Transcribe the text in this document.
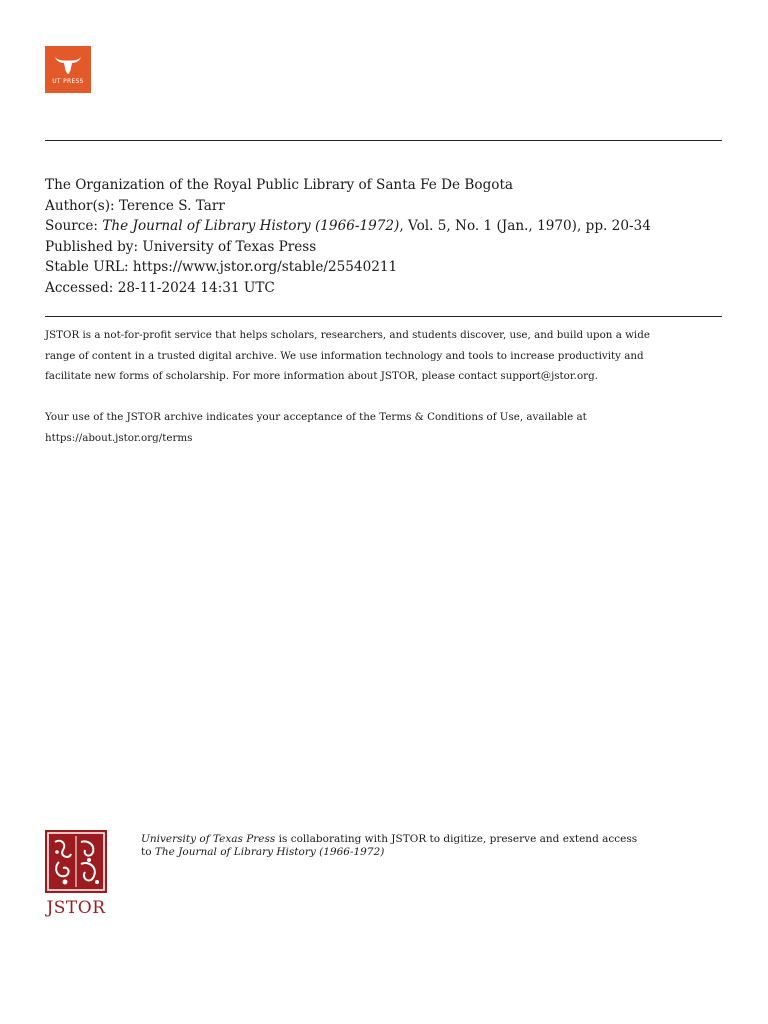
UT PRESS
The Organization of the Royal Public Library of Santa Fe De Bogota
Author(s): Terence S. Tarr
Source: The Journal of Library History (1966-1972), Vol. 5, No. 1 (Jan., 1970), pp. 20-34
Published by: University of Texas Press
Stable URL: https://www.jstor.org/stable/25540211
Accessed: 28-11-2024 14:31 UTC

JSTOR is a not-for-profit service that helps scholars, researchers, and students discover, use, and build upon a wide

range of content in a trusted digital archive. We use information technology and tools to increase productivity and

facilitate new forms of scholarship. For more information about JSTOR, please contact support@jstor.org.

Your use of the JSTOR archive indicates your acceptance of the Terms & Conditions of Use, available at

https://about.jstor.org/terms

JSTOR
University of Texas Press is collaborating with JSTOR to digitize, preserve and extend access
to The Journal of Library History (1966-1972)
